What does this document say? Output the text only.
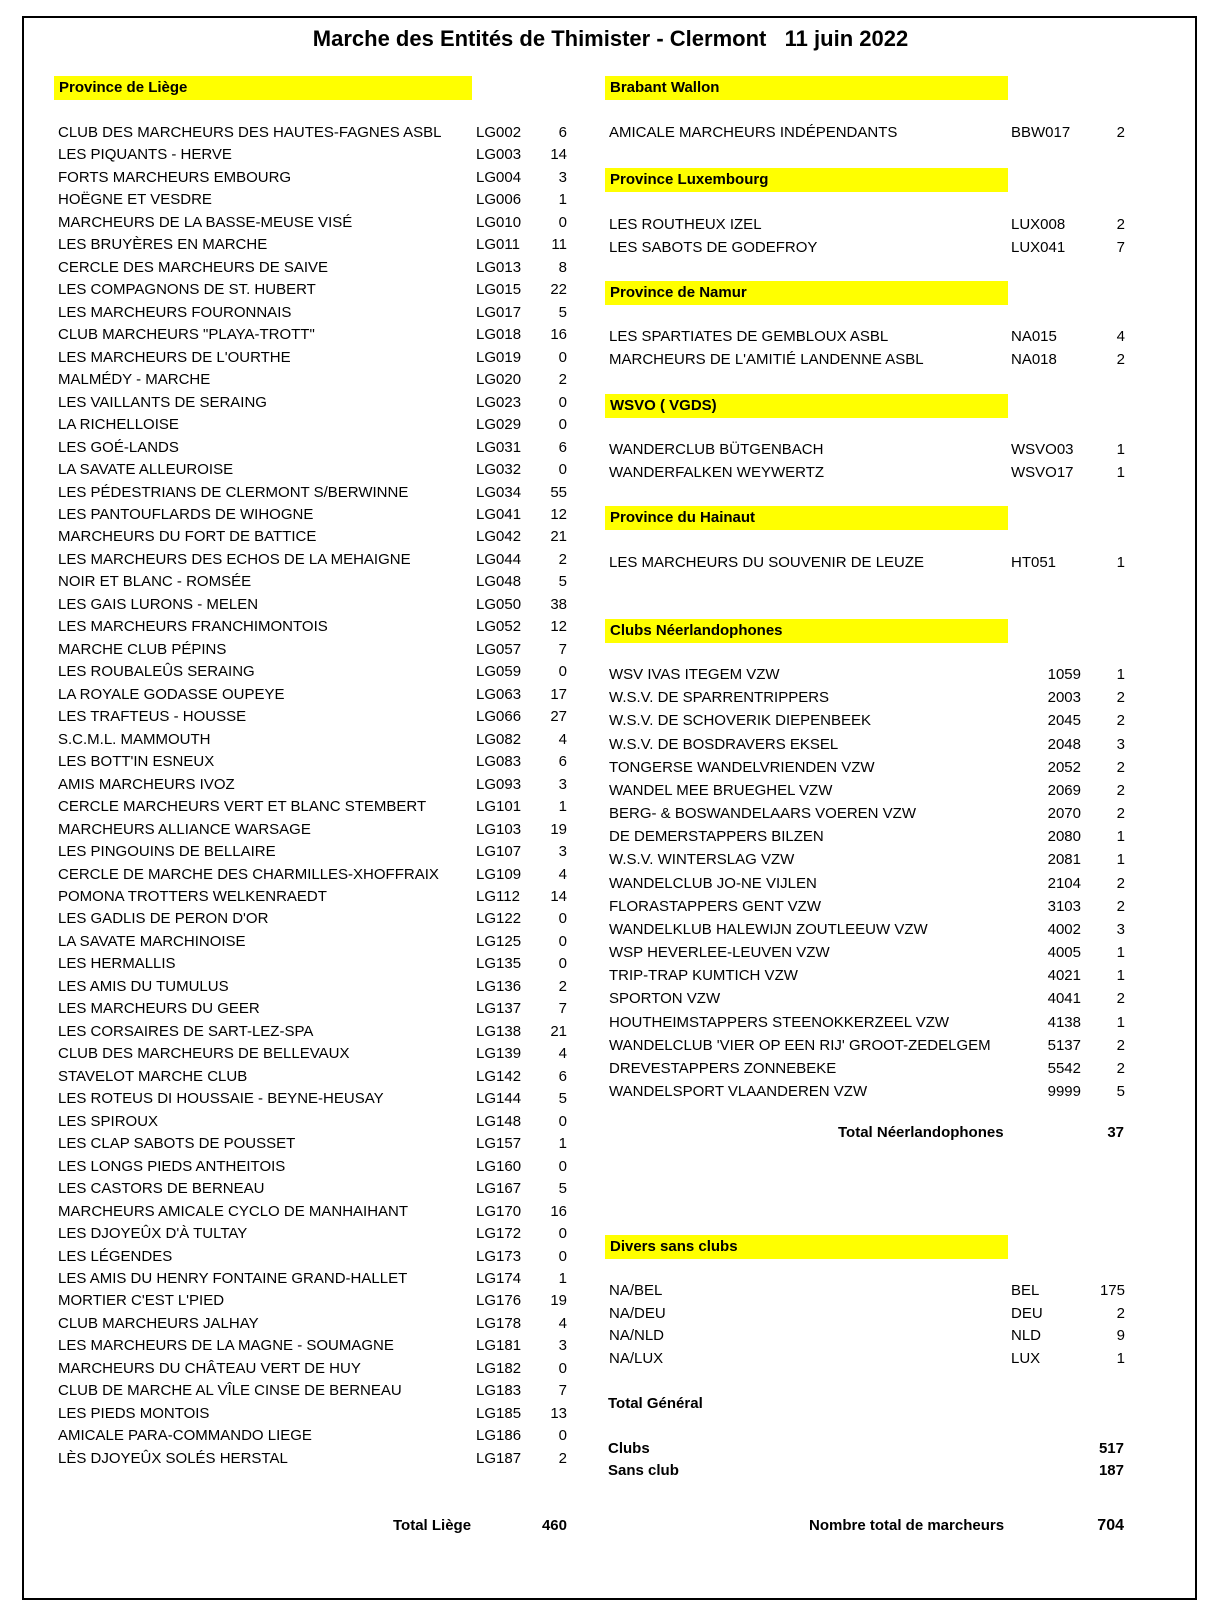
Marche des Entités de Thimister - Clermont   11 juin 2022
Province de Liège
CLUB DES MARCHEURS DES HAUTES-FAGNES ASBL LG002	6
LES PIQUANTS - HERVE	LG003	14
FORTS MARCHEURS EMBOURG	LG004	3
HOËGNE ET VESDRE	LG006	1
MARCHEURS DE LA BASSE-MEUSE VISÉ	LG010	0
LES BRUYÈRES EN MARCHE	LG011	11
CERCLE DES MARCHEURS DE SAIVE	LG013	8
LES COMPAGNONS DE ST. HUBERT	LG015	22
LES MARCHEURS FOURONNAIS	LG017	5
CLUB MARCHEURS "PLAYA-TROTT"	LG018	16
LES MARCHEURS DE L'OURTHE	LG019	0
MALMÉDY - MARCHE	LG020	2
LES VAILLANTS DE SERAING	LG023	0
LA RICHELLOISE	LG029	0
LES GOÉ-LANDS	LG031	6
LA SAVATE ALLEUROISE	LG032	0
LES PÉDESTRIANS DE CLERMONT S/BERWINNE	LG034	55
LES PANTOUFLARDS DE WIHOGNE	LG041	12
MARCHEURS DU FORT DE BATTICE	LG042	21
LES MARCHEURS DES ECHOS DE LA MEHAIGNE	LG044	2
NOIR ET BLANC - ROMSÉE	LG048	5
LES GAIS LURONS - MELEN	LG050	38
LES MARCHEURS FRANCHIMONTOIS	LG052	12
MARCHE CLUB PÉPINS	LG057	7
LES ROUBALEÛS SERAING	LG059	0
LA ROYALE GODASSE OUPEYE	LG063	17
LES TRAFTEUS - HOUSSE	LG066	27
S.C.M.L. MAMMOUTH	LG082	4
LES BOTT'IN ESNEUX	LG083	6
AMIS MARCHEURS IVOZ	LG093	3
CERCLE MARCHEURS VERT ET BLANC STEMBERT	LG101	1
MARCHEURS ALLIANCE WARSAGE	LG103	19
LES PINGOUINS DE BELLAIRE	LG107	3
CERCLE DE MARCHE DES CHARMILLES-XHOFFRAIX LG109	4
POMONA TROTTERS WELKENRAEDT	LG112	14
LES GADLIS DE PERON D'OR	LG122	0
LA SAVATE MARCHINOISE	LG125	0
LES HERMALLIS	LG135	0
LES AMIS DU TUMULUS	LG136	2
LES MARCHEURS DU GEER	LG137	7
LES CORSAIRES DE SART-LEZ-SPA	LG138	21
CLUB DES MARCHEURS DE BELLEVAUX	LG139	4
STAVELOT MARCHE CLUB	LG142	6
LES ROTEUS DI HOUSSAIE - BEYNE-HEUSAY	LG144	5
LES SPIROUX	LG148	0
LES CLAP SABOTS DE POUSSET	LG157	1
LES LONGS PIEDS ANTHEITOIS	LG160	0
LES CASTORS DE BERNEAU	LG167	5
MARCHEURS AMICALE CYCLO DE MANHAIHANT	LG170	16
LES DJOYEÛX D'À TULTAY	LG172	0
LES LÉGENDES	LG173	0
LES AMIS DU HENRY FONTAINE GRAND-HALLET	LG174	1
MORTIER C'EST L'PIED	LG176	19
CLUB MARCHEURS JALHAY	LG178	4
LES MARCHEURS DE LA MAGNE - SOUMAGNE	LG181	3
MARCHEURS DU CHÂTEAU VERT DE HUY	LG182	0
CLUB DE MARCHE AL VÎLE CINSE DE BERNEAU	LG183	7
LES PIEDS MONTOIS	LG185	13
AMICALE PARA-COMMANDO LIEGE	LG186	0
LÈS DJOYEÛX SOLÉS HERSTAL	LG187	2
Total Liège	460
Brabant Wallon
AMICALE MARCHEURS INDÉPENDANTS	BBW017	2
Province Luxembourg
LES ROUTHEUX IZEL	LUX008	2
LES SABOTS DE GODEFROY	LUX041	7
Province de Namur
LES SPARTIATES DE GEMBLOUX ASBL	NA015	4
MARCHEURS DE L'AMITIÉ LANDENNE ASBL	NA018	2
WSVO ( VGDS)
WANDERCLUB BÜTGENBACH	WSVO03	1
WANDERFALKEN WEYWERTZ	WSVO17	1
Province du Hainaut
LES MARCHEURS DU SOUVENIR DE LEUZE	HT051	1
Clubs Néerlandophones
WSV IVAS ITEGEM VZW	1059	1
W.S.V. DE SPARRENTRIPPERS	2003	2
W.S.V. DE SCHOVERIK DIEPENBEEK	2045	2
W.S.V. DE BOSDRAVERS EKSEL	2048	3
TONGERSE WANDELVRIENDEN VZW	2052	2
WANDEL MEE BRUEGHEL VZW	2069	2
BERG- & BOSWANDELAARS VOEREN VZW	2070	2
DE DEMERSTAPPERS BILZEN	2080	1
W.S.V. WINTERSLAG VZW	2081	1
WANDELCLUB JO-NE VIJLEN	2104	2
FLORASTAPPERS GENT VZW	3103	2
WANDELKLUB HALEWIJN ZOUTLEEUW VZW	4002	3
WSP HEVERLEE-LEUVEN VZW	4005	1
TRIP-TRAP KUMTICH VZW	4021	1
SPORTON VZW	4041	2
HOUTHEIMSTAPPERS STEENOKKERZEEL VZW	4138	1
WANDELCLUB 'VIER OP EEN RIJ' GROOT-ZEDELGEM	5137	2
DREVESTAPPERS ZONNEBEKE	5542	2
WANDELSPORT VLAANDEREN VZW	9999	5
Total Néerlandophones	37
Divers sans clubs
NA/BEL	BEL	175
NA/DEU	DEU	2
NA/NLD	NLD	9
NA/LUX	LUX	1
Total Général
Clubs	517
Sans club	187
Nombre total de marcheurs	704
